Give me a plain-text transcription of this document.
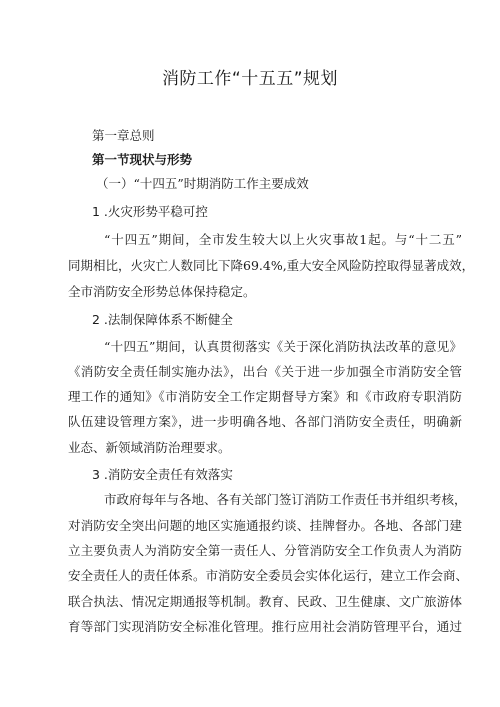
消防工作“十五五”规划
第一章总则
第一节现状与形势
（一）“十四五”时期消防工作主要成效
1 .火灾形势平稳可控
“十四五”期间，全市发生较大以上火灾事故1起。与“十二五”
同期相比，火灾亡人数同比下降69.4%,重大安全风险防控取得显著成效，
全市消防安全形势总体保持稳定。
2 .法制保障体系不断健全
“十四五”期间，认真贯彻落实《关于深化消防执法改革的意见》
《消防安全责任制实施办法》，出台《关于进一步加强全市消防安全管
理工作的通知》《市消防安全工作定期督导方案》和《市政府专职消防
队伍建设管理方案》，进一步明确各地、各部门消防安全责任，明确新
业态、新领域消防治理要求。
3 .消防安全责任有效落实
市政府每年与各地、各有关部门签订消防工作责任书并组织考核，
对消防安全突出问题的地区实施通报约谈、挂牌督办。各地、各部门建
立主要负责人为消防安全第一责任人、分管消防安全工作负责人为消防
安全责任人的责任体系。市消防安全委员会实体化运行，建立工作会商、
联合执法、情况定期通报等机制。教育、民政、卫生健康、文广旅游体
育等部门实现消防安全标准化管理。推行应用社会消防管理平台，通过
